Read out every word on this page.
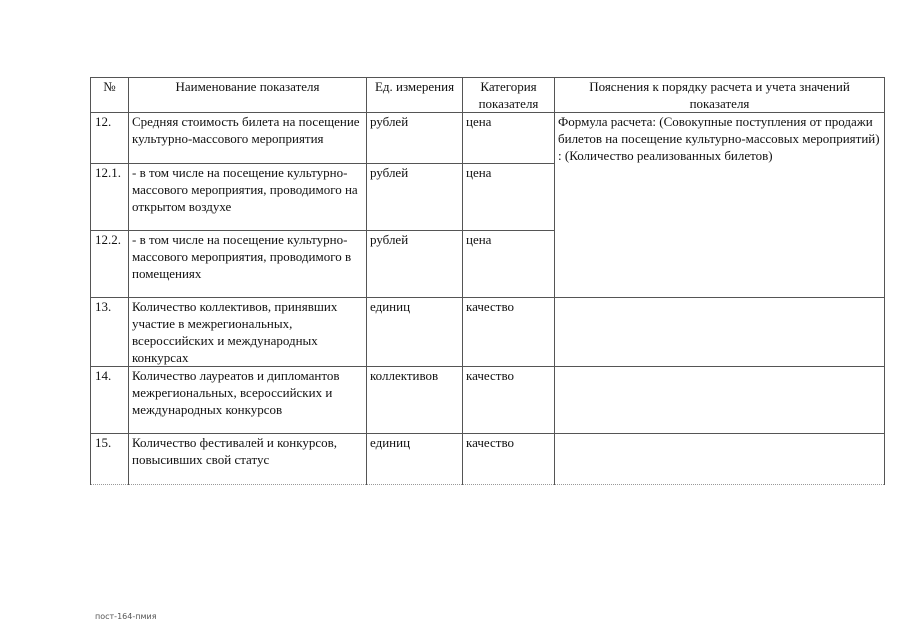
№	Наименование показателя	Ед. измерения	Категория показателя	Пояснения к порядку расчета и учета значений показателя
12.	Средняя стоимость билета на посещение культурно-массового мероприятия	рублей	цена	Формула расчета: (Совокупные поступления от продажи билетов на посещение культурно-массовых мероприятий) : (Количество реализованных билетов)
12.1.	- в том числе на посещение культурно-массового мероприятия, проводимого на открытом воздухе	рублей	цена	
12.2.	- в том числе на посещение культурно-массового мероприятия, проводимого в помещениях	рублей	цена	
13.	Количество коллективов, принявших участие в межрегиональных, всероссийских и международных конкурсах	единиц	качество	
14.	Количество лауреатов и дипломантов межрегиональных, всероссийских и международных конкурсов	коллективов	качество	
15.	Количество фестивалей и конкурсов, повысивших свой статус	единиц	качество	
пост-164-пмия
